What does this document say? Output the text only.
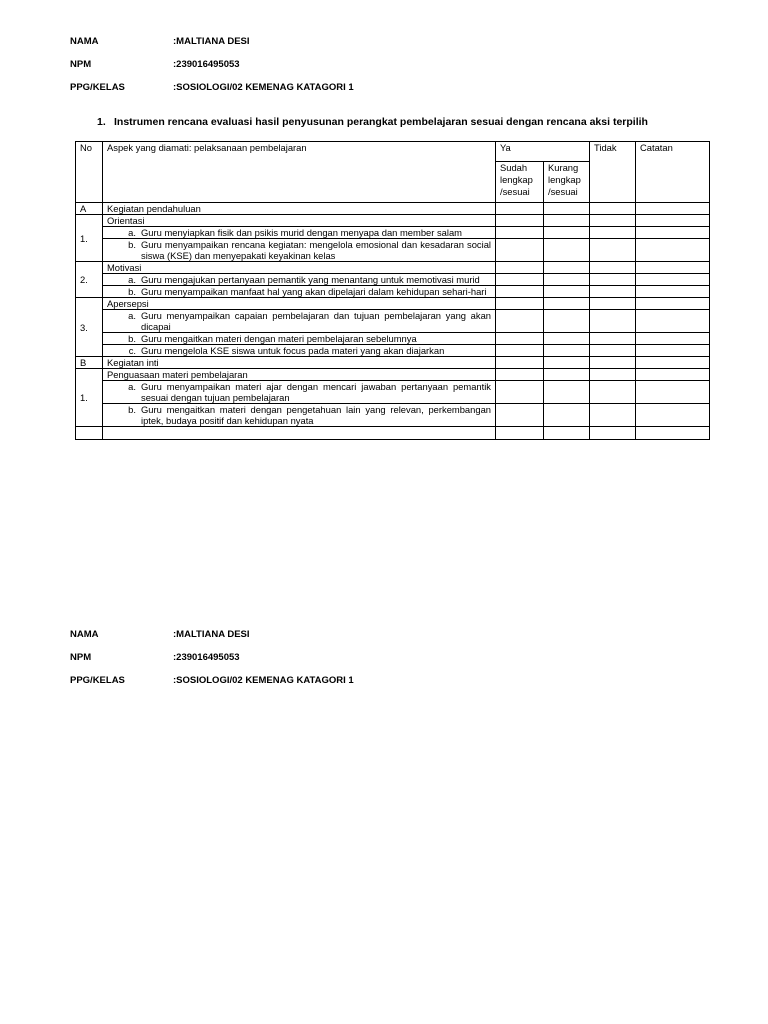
NAMA	:MALTIANA DESI
NPM	:239016495053
PPG/KELAS	:SOSIOLOGI/02 KEMENAG KATAGORI 1
1. Instrumen rencana evaluasi hasil penyusunan perangkat pembelajaran sesuai dengan rencana aksi terpilih
No	Aspek yang diamati: pelaksanaan pembelajaran	Ya		Tidak	Catatan
		Sudah lengkap /sesuai	Kurang lengkap /sesuai		
A	Kegiatan pendahuluan				
1.	Orientasi				

	a. Guru menyiapkan fisik dan psikis murid dengan menyapa dan member salam				

	b. Guru menyampaikan rencana kegiatan: mengelola emosional dan kesadaran social siswa (KSE) dan menyepakati keyakinan kelas				

2.	Motivasi				

	a. Guru mengajukan pertanyaan pemantik yang menantang untuk memotivasi murid				

	b. Guru menyampaikan manfaat hal yang akan dipelajari dalam kehidupan sehari-hari				

3.	Apersepsi				

	a. Guru menyampaikan capaian pembelajaran dan tujuan pembelajaran yang akan dicapai				

	b. Guru mengaitkan materi dengan materi pembelajaran sebelumnya				

	c. Guru mengelola KSE siswa untuk focus pada materi yang akan diajarkan				

B	Kegiatan inti				
1.	Penguasaan materi pembelajaran				

	a. Guru menyampaikan materi ajar dengan mencari jawaban pertanyaan pemantik sesuai dengan tujuan pembelajaran				

	b. Guru mengaitkan materi dengan pengetahuan lain yang relevan, perkembangan iptek, budaya positif dan kehidupan nyata				

NAMA	:MALTIANA DESI
NPM	:239016495053
PPG/KELAS	:SOSIOLOGI/02 KEMENAG KATAGORI 1
